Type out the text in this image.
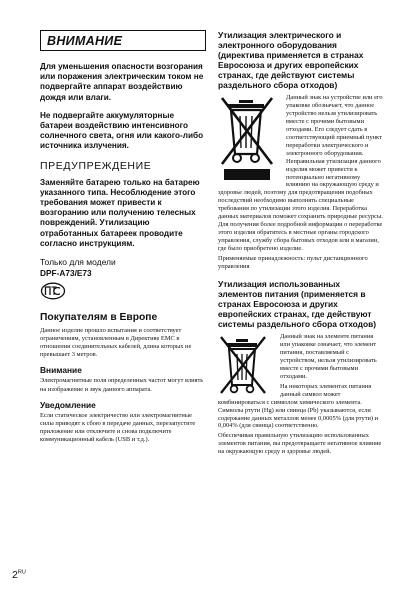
ВНИМАНИЕ

Для уменьшения опасности возгорания или поражения электрическим током не подвергайте аппарат воздействию дождя или влаги.

Не подвергайте аккумуляторные батареи воздействию интенсивного солнечного света, огня или какого-либо источника излучения.

ПРЕДУПРЕЖДЕНИЕ

Заменяйте батарею только на батарею указанного типа. Несоблюдение этого требования может привести к возгоранию или получению телесных повреждений. Утилизацию отработанных батареек проводите согласно инструкциям.

Только для модели

DPF-A73/E73

Покупателям в Европе

Данное изделие прошло испытания и соответствует ограничениям, установленным в Директиве EMC в отношении соединительных кабелей, длина которых не превышает 3 метров.

Внимание

Электромагнитные поля определенных частот могут влиять на изображение и звук данного аппарата.

Уведомление

Если статическое электричество или электромагнитные силы приводят к сбою в передаче данных, перезапустите приложение или отключите и снова подключите коммуникационный кабель (USB и т.д.).

Утилизация электрического и электронного оборудования (директива применяется в странах Евросоюза и других европейских странах, где действуют системы раздельного сбора отходов)

Данный знак на устройстве или его упаковке обозначает, что данное устройство нельзя утилизировать вместе с прочими бытовыми отходами. Его следует сдать в соответствующий приемный пункт переработки электрического и электронного оборудования. Неправильная утилизация данного изделия может привести к потенциально негативному влиянию на окружающую среду и здоровье людей, поэтому для предотвращения подобных последствий необходимо выполнять специальные требования по утилизации этого изделия. Переработка данных материалов поможет сохранить природные ресурсы. Для получения более подробной информации о переработке этого изделия обратитесь в местные органы городского управления, службу сбора бытовых отходов или в магазин, где было приобретено изделие.

Применяемые принадлежность: пульт дистанционного управления

Утилизация использованных элементов питания (применяется в странах Евросоюза и других европейских странах, где действуют системы раздельного сбора отходов)

Данный знак на элементе питания или упаковке означает, что элемент питания, поставляемый с устройством, нельзя утилизировать вместе с прочими бытовыми отходами.

На некоторых элементах питания данный символ может комбинироваться с символом химического элемента. Символы ртути (Hg) или свинца (Pb) указываются, если содержание данных металлов менее 0,0005% (для ртути) и 0,004% (для свинца) соответственно.

Обеспечивая правильную утилизацию использованных элементов питания, вы предотвращаете негативное влияние на окружающую среду и здоровье людей.

$2^{RU}$
